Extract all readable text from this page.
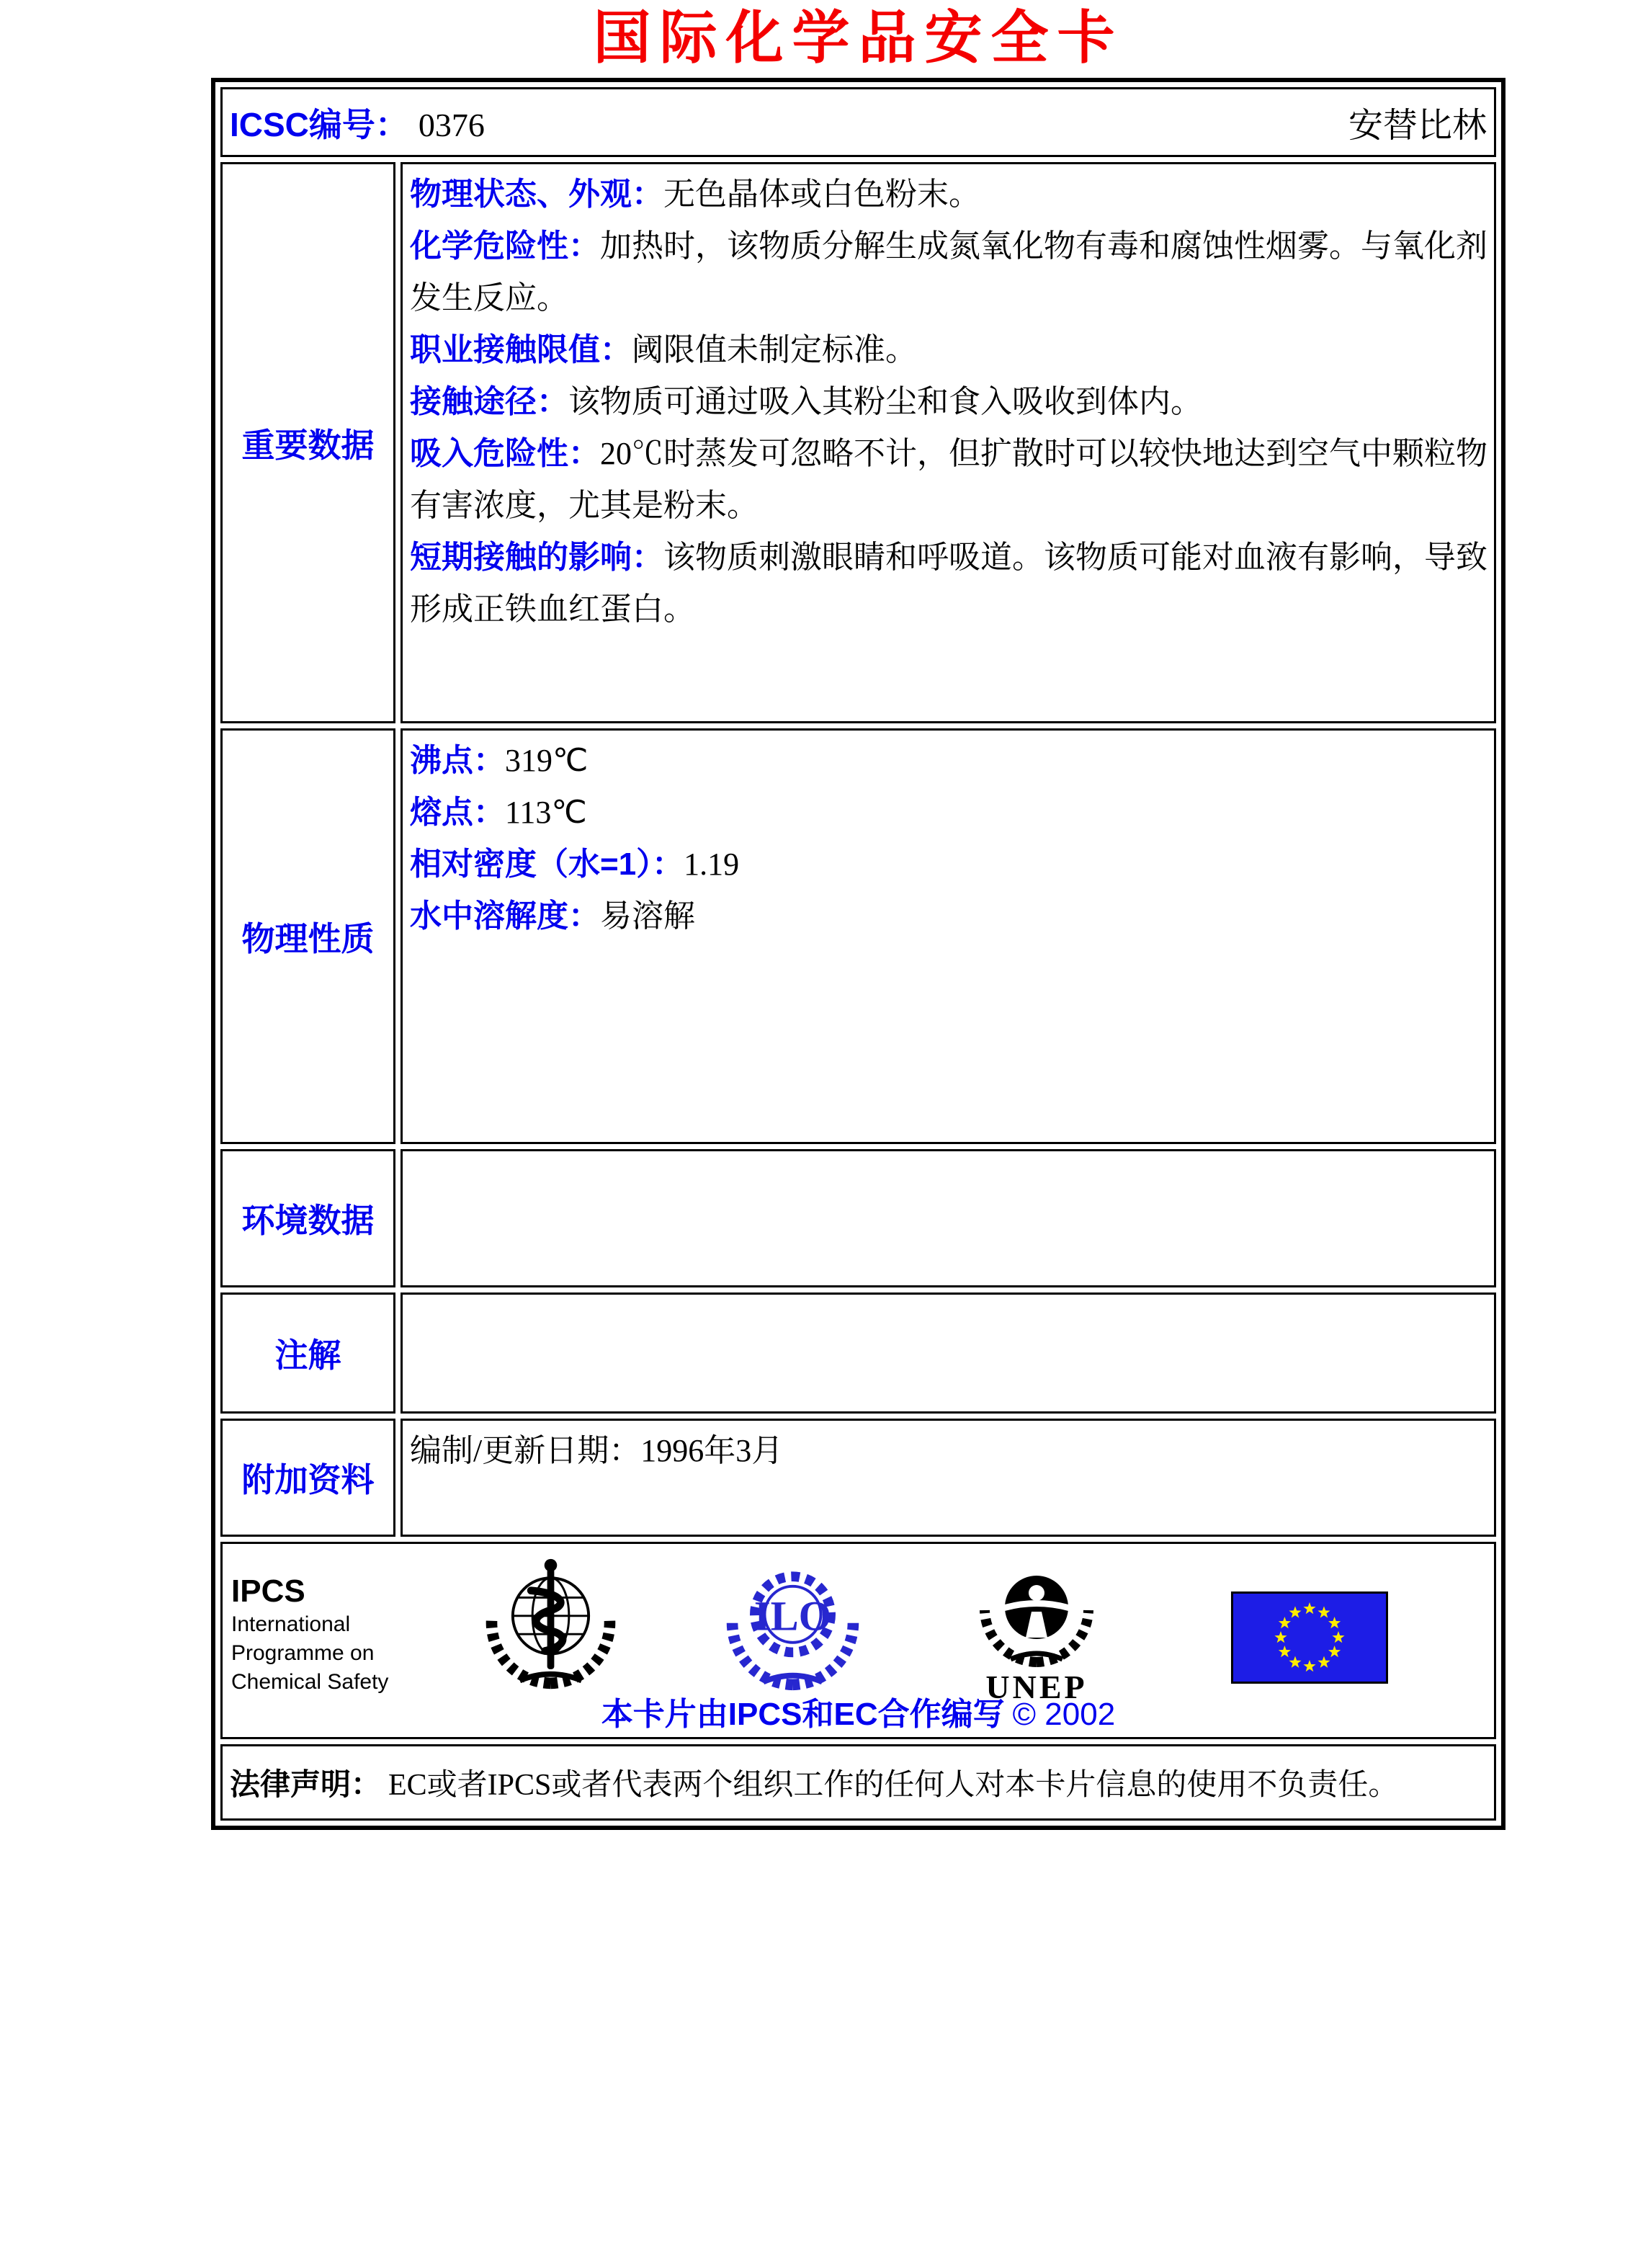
国际化学品安全卡
ICSC编号： 0376	安替比林
重要数据

物理状态、外观：无色晶体或白色粉末。

化学危险性：加热时，该物质分解生成氮氧化物有毒和腐蚀性烟雾。与氧化剂发生反应。

职业接触限值：阈限值未制定标准。

接触途径：该物质可通过吸入其粉尘和食入吸收到体内。

吸入危险性：20℃时蒸发可忽略不计，但扩散时可以较快地达到空气中颗粒物有害浓度，尤其是粉末。

短期接触的影响：该物质刺激眼睛和呼吸道。该物质可能对血液有影响，导致形成正铁血红蛋白。

物理性质

沸点：319℃

熔点：113℃

相对密度（水=1）：1.19

水中溶解度：易溶解

环境数据
注解
附加资料

编制/更新日期：1996年3月

IPCS
International
Programme on
Chemical Safety
ILO
UNEP
本卡片由IPCS和EC合作编写 © 2002
法律声明： EC或者IPCS或者代表两个组织工作的任何人对本卡片信息的使用不负责任。
